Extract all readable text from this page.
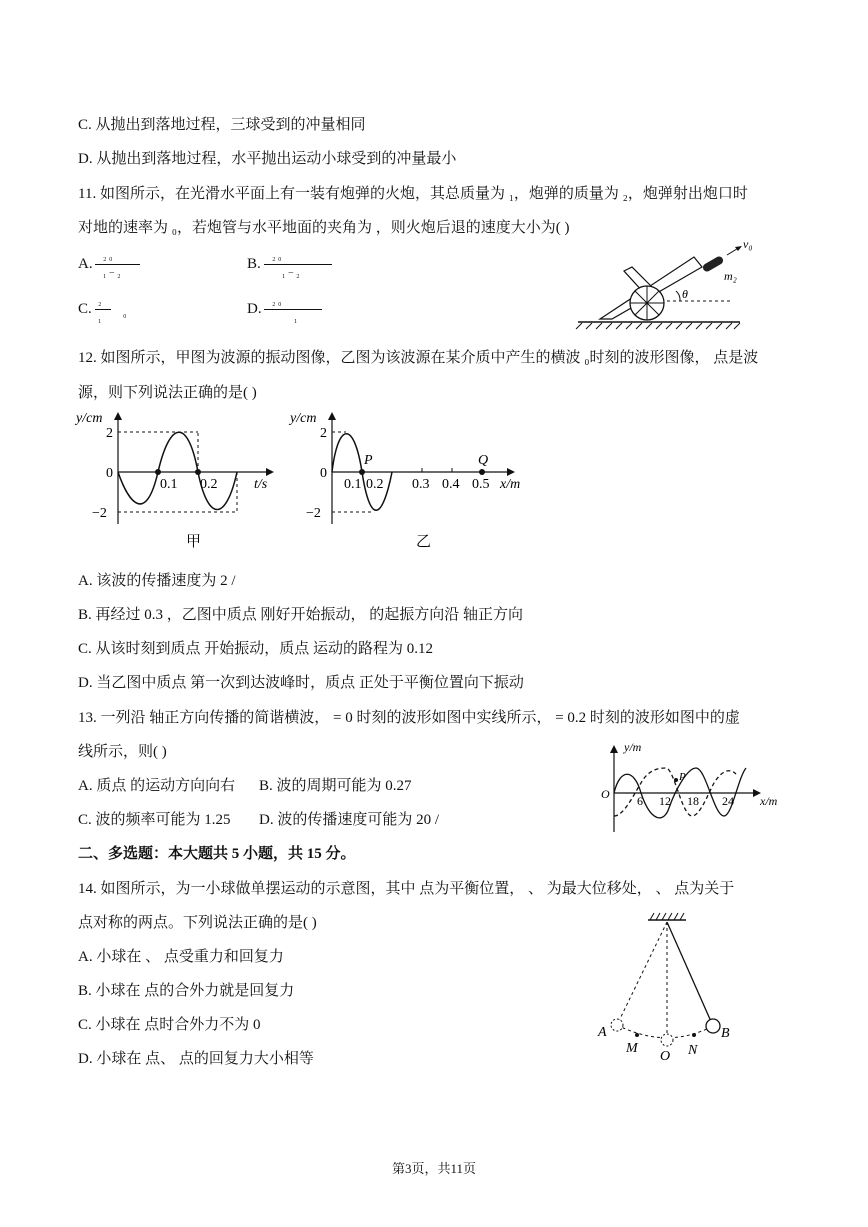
C. 从抛出到落地过程，三球受到的冲量相同
D. 从抛出到落地过程，水平抛出运动小球受到的冲量最小
11. 如图所示，在光滑水平面上有一装有炮弹的火炮，其总质量为 ₁，炮弹的质量为 ₂，炮弹射出炮口时
对地的速率为 ₀，若炮管与水平地面的夹角为 ，则火炮后退的速度大小为( )
A. ₂ ₀
₁ − ₂
B. ₂ ₀
₁ − ₂
C. ₂
₁ ₀	D. ₂ ₀
₁
v₀
m₂
θ
12. 如图所示，甲图为波源的振动图像，乙图为该波源在某介质中产生的横波 ₀时刻的波形图像， 点是波
源，则下列说法正确的是( )
y/cm
t/s
2
0
−2
0.1 0.2
甲
y/cm
x/m
2
0
−2
0.1 0.2 0.3 0.4 0.5
P	Q
乙
A. 该波的传播速度为 2 /
B. 再经过 0.3 ，乙图中质点 刚好开始振动， 的起振方向沿 轴正方向
C. 从该时刻到质点 开始振动，质点 运动的路程为 0.12
D. 当乙图中质点 第一次到达波峰时，质点 正处于平衡位置向下振动
13. 一列沿 轴正方向传播的简谐横波， = 0 时刻的波形如图中实线所示， = 0.2 时刻的波形如图中的虚
线所示，则( )
A. 质点 的运动方向向右 B. 波的周期可能为 0.27
C. 波的频率可能为 1.25 D. 波的传播速度可能为 20 /
y/m
x/m
O
P
6 12 18 24
二、多选题：本大题共 5 小题，共 15 分。
14. 如图所示，为一小球做单摆运动的示意图，其中 点为平衡位置， 、 为最大位移处， 、 点为关于
点对称的两点。下列说法正确的是( )
A. 小球在 、 点受重力和回复力
B. 小球在 点的合外力就是回复力
C. 小球在 点时合外力不为 0
D. 小球在 点、 点的回复力大小相等
A	B
M
O N
第3页，共11页
